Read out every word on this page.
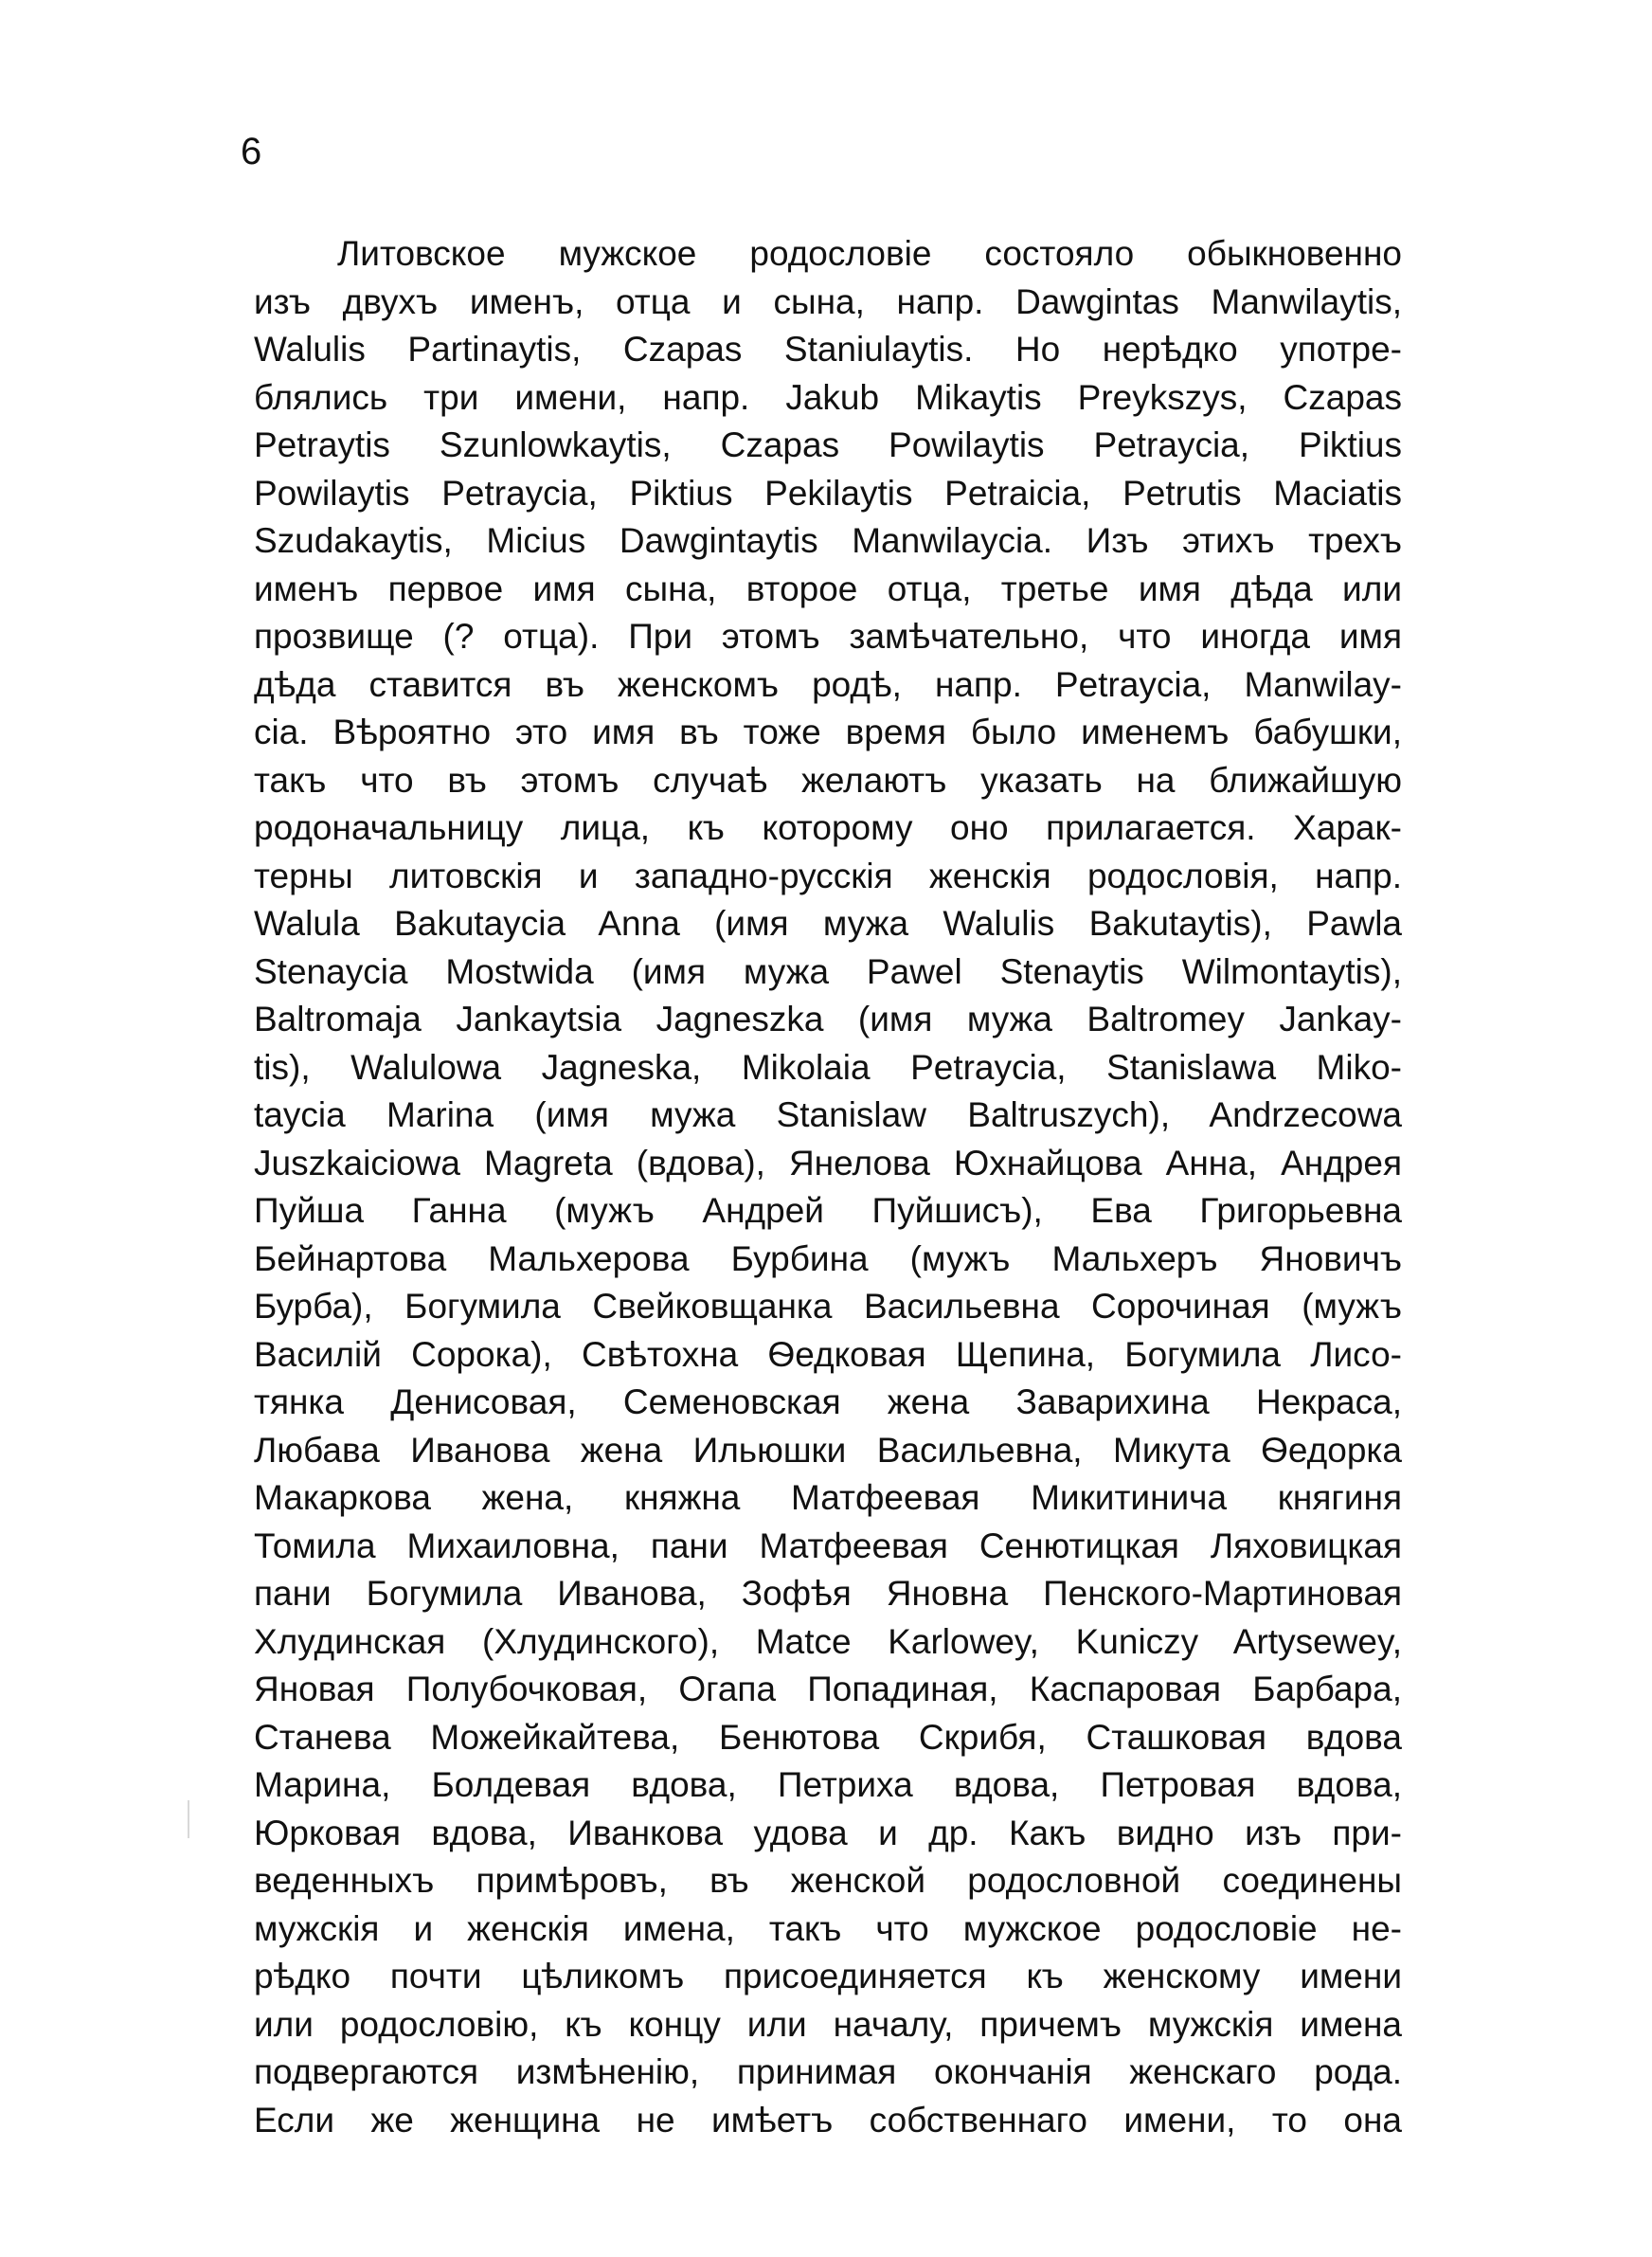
6
Литовское мужское родословіе состояло обыкновенно
изъ двухъ именъ, отца и сына, напр. Dawgintas Manwilaytis,
Walulis Partinaytis, Czapas Staniulaytis. Но нерѣдко употре-
блялись три имени, напр. Jakub Mikaytis Preykszys, Czapas
Petraytis Szunlowkaytis, Czapas Powilaytis Petraycia, Piktius
Powilaytis Petraycia, Piktius Pekilaytis Petraicia, Petrutis Maciatis
Szudakaytis, Micius Dawgintaytis Manwilaycia. Изъ этихъ трехъ
именъ первое имя сына, второе отца, третье имя дѣда или
прозвище (? отца). При этомъ замѣчательно, что иногда имя
дѣда ставится въ женскомъ родѣ, напр. Petraycia, Manwilay-
cia. Вѣроятно это имя въ тоже время было именемъ бабушки,
такъ что въ этомъ случаѣ желаютъ указать на ближайшую
родоначальницу лица, къ которому оно прилагается. Харак-
терны литовскія и западно-русскія женскія родословія, напр.
Walula Bakutaycia Anna (имя мужа Walulis Bakutaytis), Pawla
Stenaycia Mostwida (имя мужа Pawel Stenaytis Wilmontaytis),
Baltromaja Jankaytsia Jagneszka (имя мужа Baltromey Jankay-
tis), Walulowa Jagneska, Mikolaia Petraycia, Stanislawa Miko-
taycia Marina (имя мужа Stanislaw Baltruszych), Andrzecowa
Juszkaiciowa Magreta (вдова), Янелова Юхнайцова Анна, Андрея
Пуйша Ганна (мужъ Андрей Пуйшисъ), Ева Григорьевна
Бейнартова Мальхерова Бурбина (мужъ Мальхеръ Яновичъ
Бурба), Богумила Свейковщанка Васильевна Сорочиная (мужъ
Василій Сорока), Свѣтохна Ѳедковая Щепина, Богумила Лисо-
тянка Денисовая, Семеновская жена Заварихина Некраса,
Любава Иванова жена Ильюшки Васильевна, Микута Ѳедорка
Макаркова жена, княжна Матфеевая Микитинича княгиня
Томила Михаиловна, пани Матфеевая Сенютицкая Ляховицкая
пани Богумила Иванова, Зофѣя Яновна Пенского-Мартиновая
Хлудинская (Хлудинского), Matce Karlowey, Kuniczy Artysewey,
Яновая Полубочковая, Огапа Попадиная, Каспаровая Барбара,
Станева Можейкайтева, Бенютова Скрибя, Сташковая вдова
Марина, Болдевая вдова, Петриха вдова, Петровая вдова,
Юрковая вдова, Иванкова удова и др. Какъ видно изъ при-
веденныхъ примѣровъ, въ женской родословной соединены
мужскія и женскія имена, такъ что мужское родословіе не-
рѣдко почти цѣликомъ присоединяется къ женскому имени
или родословію, къ концу или началу, причемъ мужскія имена
подвергаются измѣненію, принимая окончанія женскаго рода.
Если же женщина не имѣетъ собственнаго имени, то она
